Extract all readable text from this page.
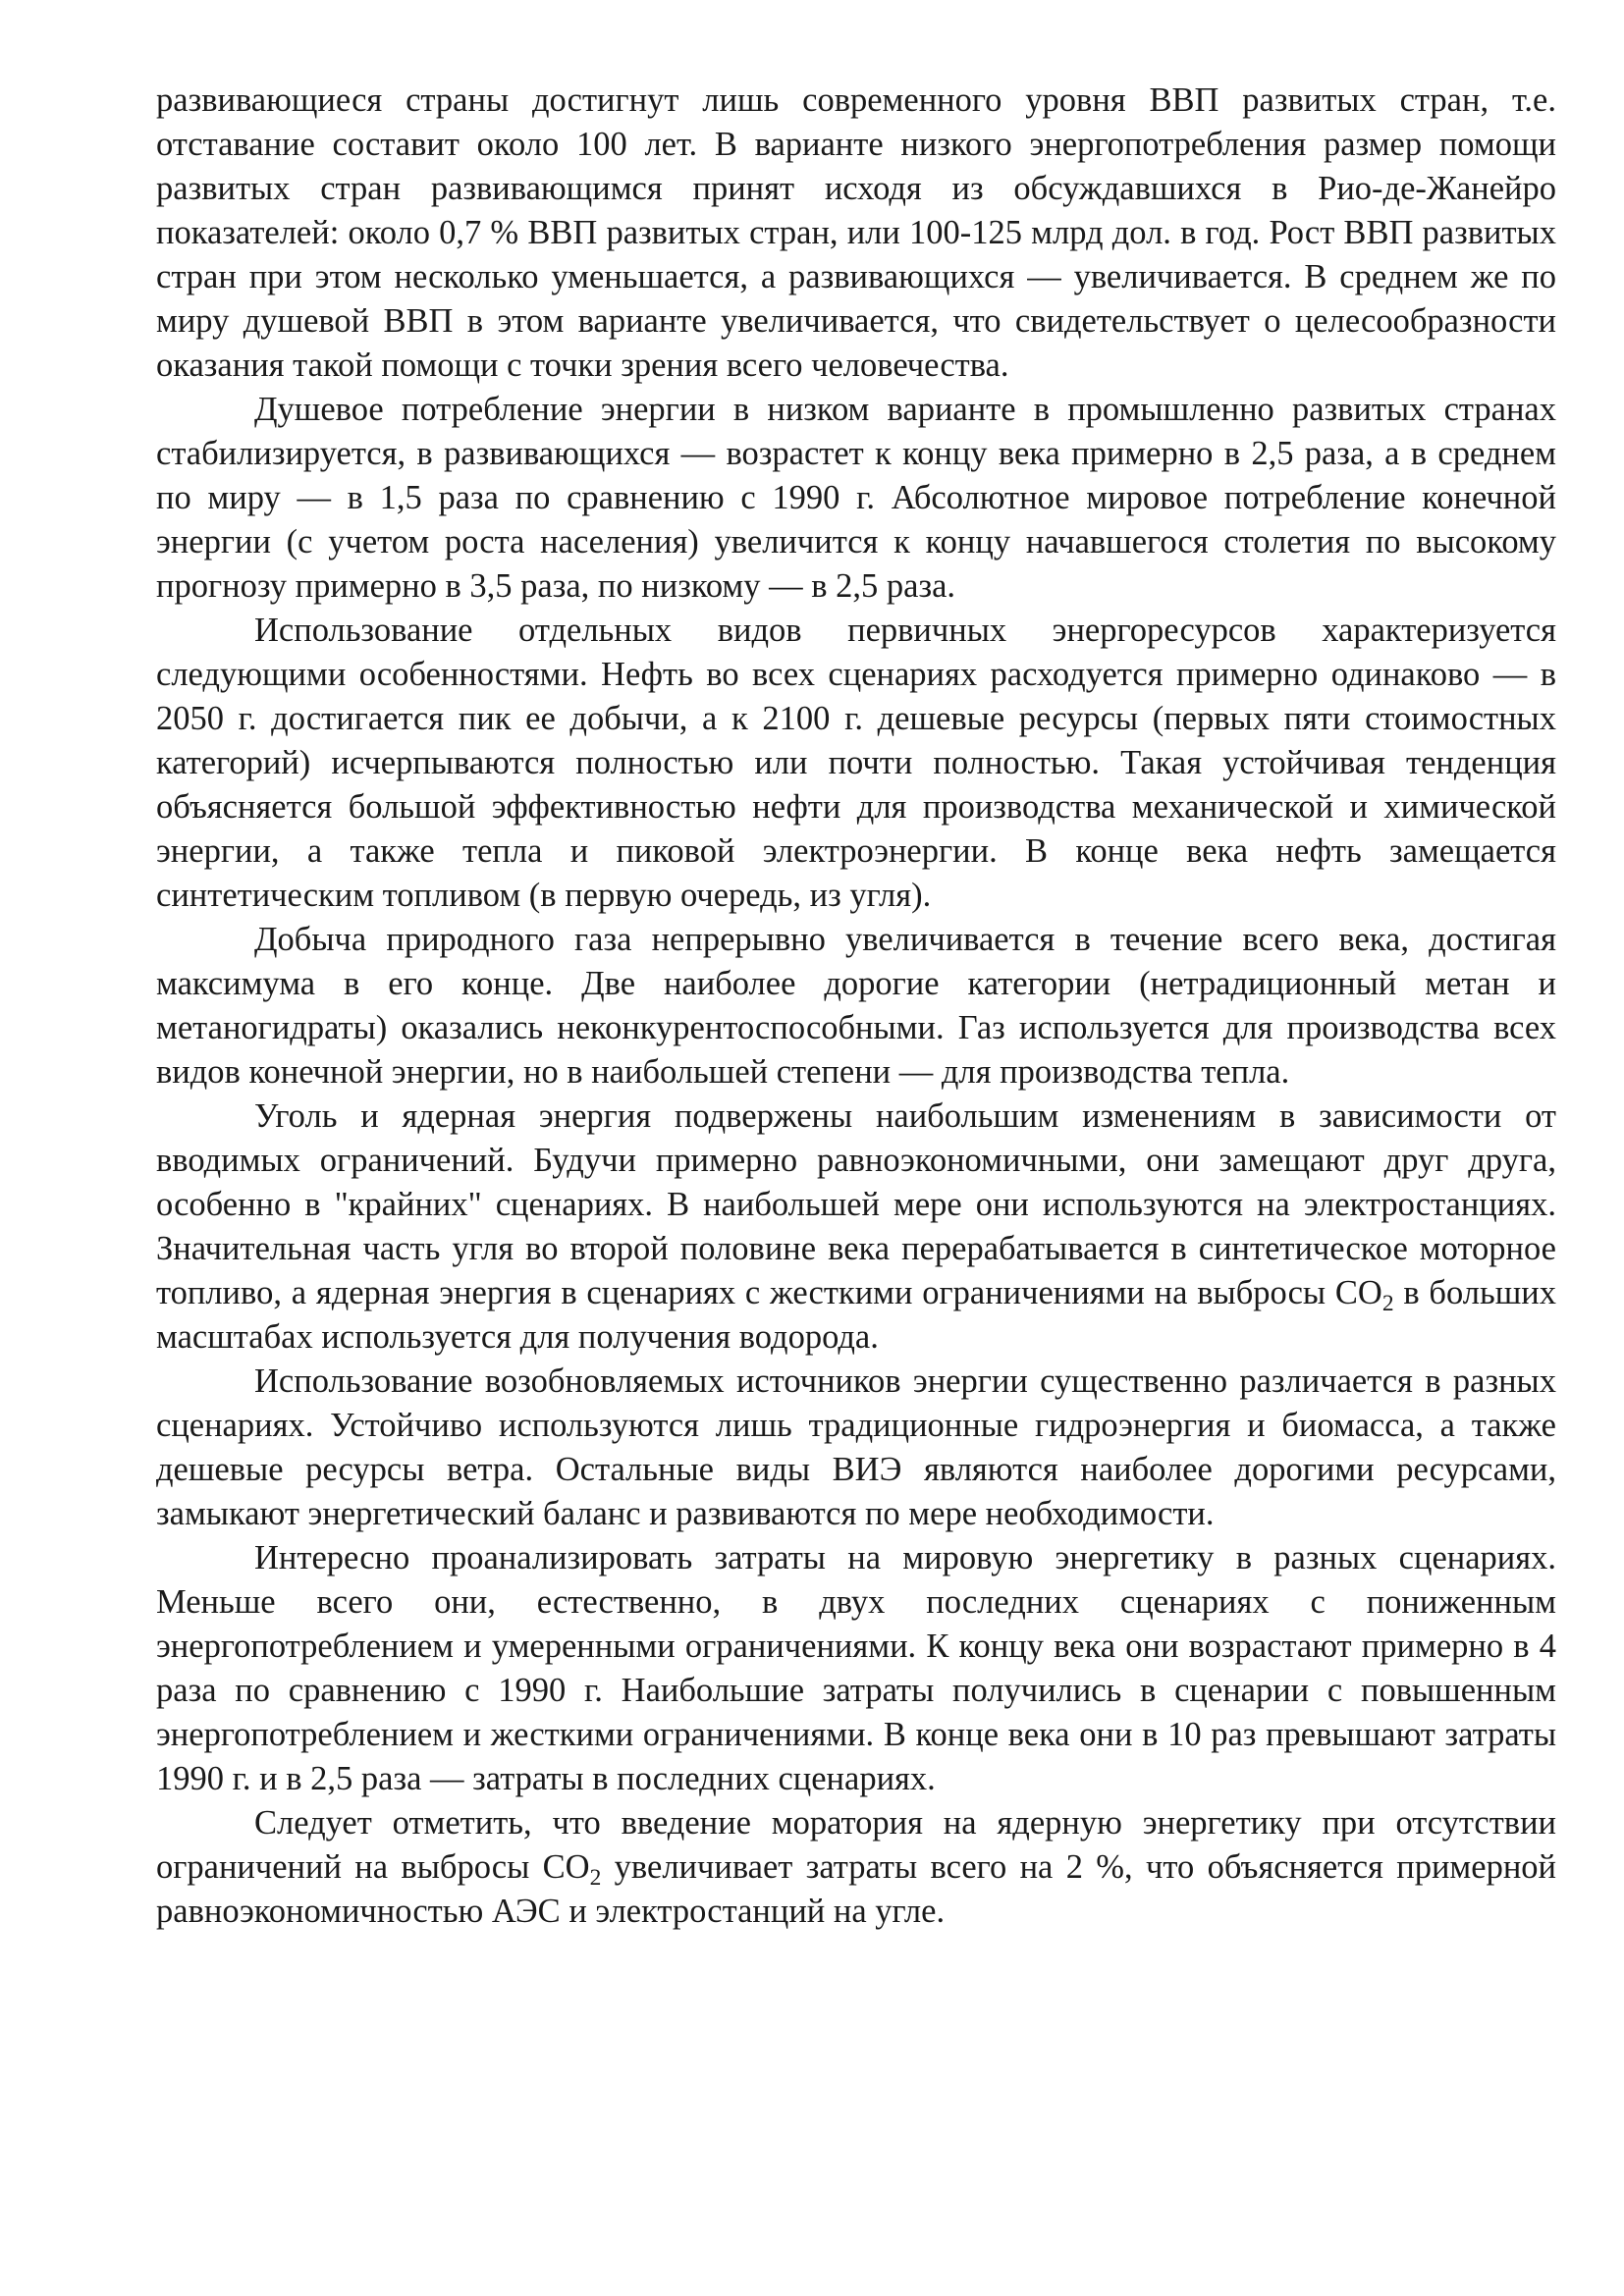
развивающиеся страны достигнут лишь современного уровня ВВП развитых стран, т.е. отставание составит около 100 лет. В варианте низкого энергопотребления размер помощи развитых стран развивающимся принят исходя из обсуждавшихся в Рио-де-Жанейро показателей: около 0,7 % ВВП развитых стран, или 100-125 млрд дол. в год. Рост ВВП развитых стран при этом несколько уменьшается, а развивающихся — увеличивается. В среднем же по миру душевой ВВП в этом варианте увеличивается, что свидетельствует о целесообразности оказания такой помощи с точки зрения всего человечества.

Душевое потребление энергии в низком варианте в промышленно развитых странах стабилизируется, в развивающихся — возрастет к концу века примерно в 2,5 раза, а в среднем по миру — в 1,5 раза по сравнению с 1990 г. Абсолютное мировое потребление конечной энергии (с учетом роста населения) увеличится к концу начавшегося столетия по высокому прогнозу примерно в 3,5 раза, по низкому — в 2,5 раза.

Использование отдельных видов первичных энергоресурсов характеризуется следующими особенностями. Нефть во всех сценариях расходуется примерно одинаково — в 2050 г. достигается пик ее добычи, а к 2100 г. дешевые ресурсы (первых пяти стоимостных категорий) исчерпываются полностью или почти полностью. Такая устойчивая тенденция объясняется большой эффективностью нефти для производства механической и химической энергии, а также тепла и пиковой электроэнергии. В конце века нефть замещается синтетическим топливом (в первую очередь, из угля).

Добыча природного газа непрерывно увеличивается в течение всего века, достигая максимума в его конце. Две наиболее дорогие категории (нетрадиционный метан и метаногидраты) оказались неконкурентоспособными. Газ используется для производства всех видов конечной энергии, но в наибольшей степени — для производства тепла.

Уголь и ядерная энергия подвержены наибольшим изменениям в зависимости от вводимых ограничений. Будучи примерно равноэкономичными, они замещают друг друга, особенно в "крайних" сценариях. В наибольшей мере они используются на электростанциях. Значительная часть угля во второй половине века перерабатывается в синтетическое моторное топливо, а ядерная энергия в сценариях с жесткими ограничениями на выбросы $СО_2$ в больших масштабах используется для получения водорода.

Использование возобновляемых источников энергии существенно различается в разных сценариях. Устойчиво используются лишь традиционные гидроэнергия и биомасса, а также дешевые ресурсы ветра. Остальные виды ВИЭ являются наиболее дорогими ресурсами, замыкают энергетический баланс и развиваются по мере необходимости.

Интересно проанализировать затраты на мировую энергетику в разных сценариях. Меньше всего они, естественно, в двух последних сценариях с пониженным энергопотреблением и умеренными ограничениями. К концу века они возрастают примерно в 4 раза по сравнению с 1990 г. Наибольшие затраты получились в сценарии с повышенным энергопотреблением и жесткими ограничениями. В конце века они в 10 раз превышают затраты 1990 г. и в 2,5 раза — затраты в последних сценариях.

Следует отметить, что введение моратория на ядерную энергетику при отсутствии ограничений на выбросы $СО_2$ увеличивает затраты всего на 2 %, что объясняется примерной равноэкономичностью АЭС и электростанций на угле.
